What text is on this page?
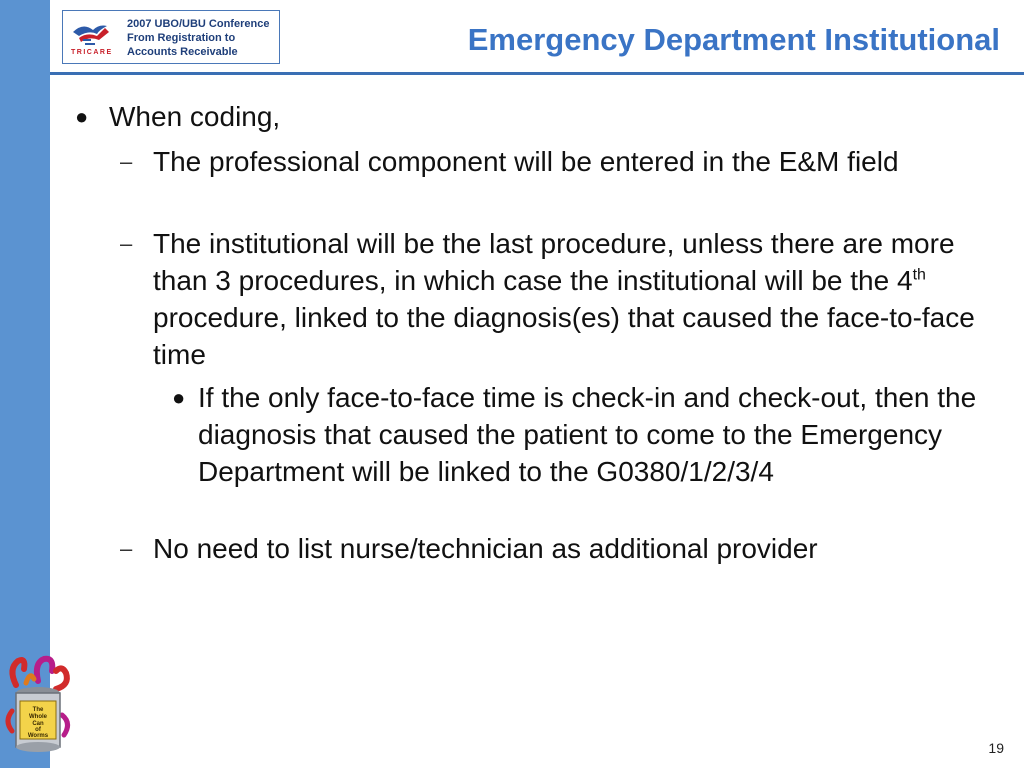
TRICARE
2007 UBO/UBU Conference
From Registration to
Accounts Receivable	Emergency Department Institutional
● When coding,
– The professional component will be entered in the E&M field
– The institutional will be the last procedure, unless there are more than 3 procedures, in which case the institutional will be the 4th procedure, linked to the diagnosis(es) that caused the face-to-face time
● If the only face-to-face time is check-in and check-out, then the diagnosis that caused the patient to come to the Emergency Department will be linked to the G0380/1/2/3/4
– No need to list nurse/technician as additional provider
The
Whole
Can
of
Worms
19
